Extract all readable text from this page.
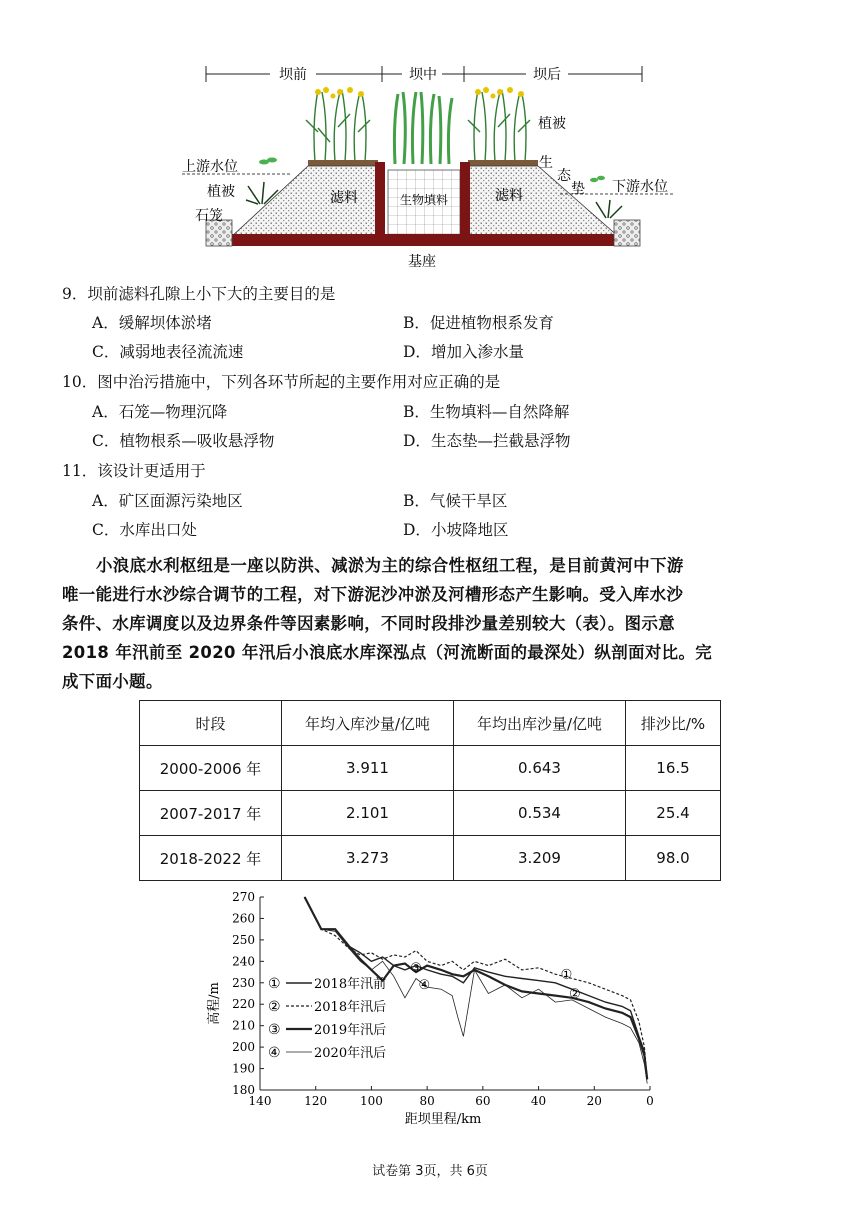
坝前	坝中	坝后
上游水位
植被
石笼
滤料	生物填料	滤料
植被
生
态
垫 下游水位
基座
9．坝前滤料孔隙上小下大的主要目的是
A．缓解坝体淤堵	B．促进植物根系发育
C．减弱地表径流流速	D．增加入渗水量
10．图中治污措施中，下列各环节所起的主要作用对应正确的是
A．石笼—物理沉降	B．生物填料—自然降解
C．植物根系—吸收悬浮物	D．生态垫—拦截悬浮物
11．该设计更适用于
A．矿区面源污染地区	B．气候干旱区
C．水库出口处	D．小坡降地区
小浪底水利枢纽是一座以防洪、减淤为主的综合性枢纽工程，是目前黄河中下游
唯一能进行水沙综合调节的工程，对下游泥沙冲淤及河槽形态产生影响。受入库水沙
条件、水库调度以及边界条件等因素影响，不同时段排沙量差别较大（表）。图示意
2018 年汛前至 2020 年汛后小浪底水库深泓点（河流断面的最深处）纵剖面对比。完
成下面小题。
时段	年均入库沙量/亿吨	年均出库沙量/亿吨	排沙比/%
2000-2006 年	3.911	0.643	16.5
2007-2017 年	2.101	0.534	25.4
2018-2022 年	3.273	3.209	98.0
180
190
200
210
220
230
240
250
260
270
140	120	100	80	60	40	20	0
距坝里程/km
高程/m	①	2018年汛前
②	2018年汛后
③	2019年汛后
④	2020年汛后
①
②
③
④
试卷第 3页，共 6页
